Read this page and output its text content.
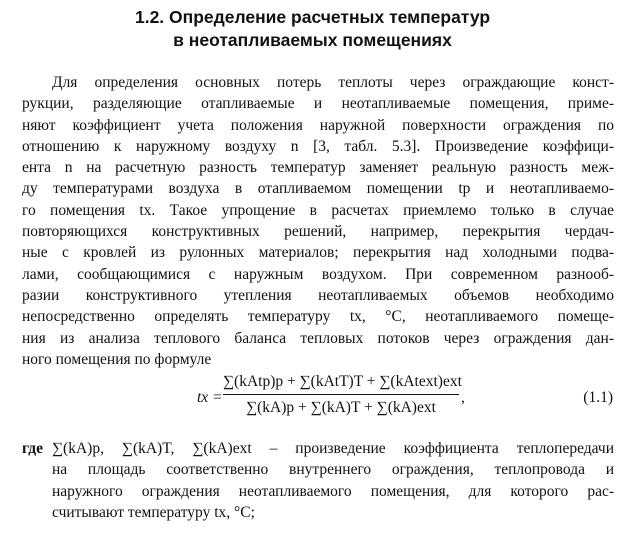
1.2. Определение расчетных температур
в неотапливаемых помещениях
Для определения основных потерь теплоты через ограждающие конст-
рукции, разделяющие отапливаемые и неотапливаемые помещения, приме-
няют коэффициент учета положения наружной поверхности ограждения по
отношению к наружному воздуху n [3, табл. 5.3]. Произведение коэффици-
ента n на расчетную разность температур заменяет реальную разность меж-
ду температурами воздуха в отапливаемом помещении tp и неотапливаемо-
го помещения tx. Такое упрощение в расчетах приемлемо только в случае
повторяющихся конструктивных решений, например, перекрытия чердач-
ные с кровлей из рулонных материалов; перекрытия над холодными подва-
лами, сообщающимися с наружным воздухом. При современном разнооб-
разии конструктивного утепления неотапливаемых объемов необходимо
непосредственно определять температуру tx, °C, неотапливаемого помеще-
ния из анализа теплового баланса тепловых потоков через ограждения дан-
ного помещения по формуле
tx =
∑(kAtp)p + ∑(kAtT)T + ∑(kAtext)ext
∑(kA)p + ∑(kA)T + ∑(kA)ext
,	(1.1)
где ∑(kA)p, ∑(kA)T, ∑(kA)ext – произведение коэффициента теплопередачи
на площадь соответственно внутреннего ограждения, теплопровода и
наружного ограждения неотапливаемого помещения, для которого рас-
считывают температуру tx, °C;
